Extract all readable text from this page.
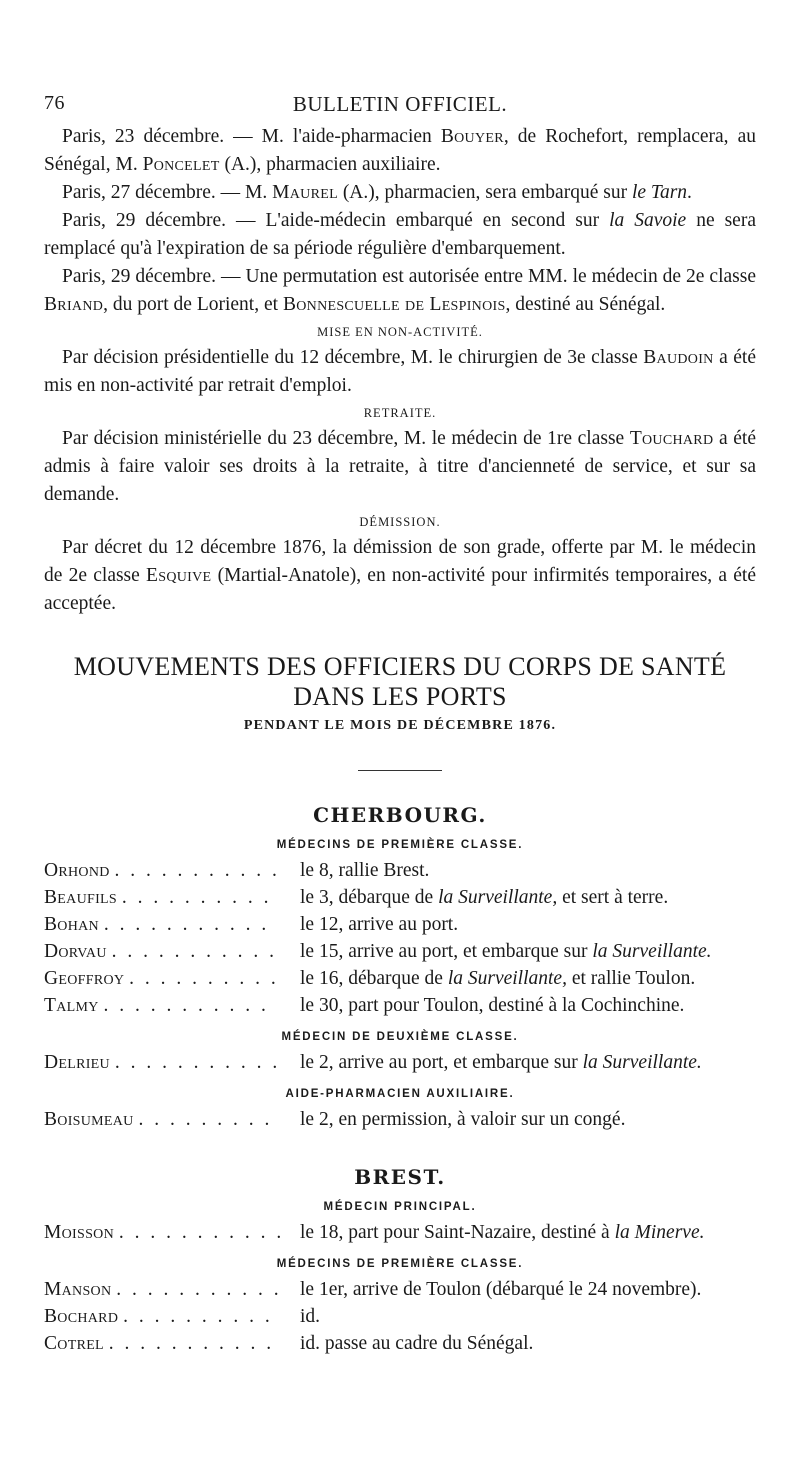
76	BULLETIN OFFICIEL.

Paris, 23 décembre. — M. l'aide-pharmacien Bouyer, de Rochefort, remplacera, au Sénégal, M. Poncelet (A.), pharmacien auxiliaire.

Paris, 27 décembre. — M. Maurel (A.), pharmacien, sera embarqué sur le Tarn.

Paris, 29 décembre. — L'aide-médecin embarqué en second sur la Savoie ne sera remplacé qu'à l'expiration de sa période régulière d'embarquement.

Paris, 29 décembre. — Une permutation est autorisée entre MM. le médecin de 2e classe Briand, du port de Lorient, et Bonnescuelle de Lespinois, destiné au Sénégal.

MISE EN NON-ACTIVITÉ.

Par décision présidentielle du 12 décembre, M. le chirurgien de 3e classe Baudoin a été mis en non-activité par retrait d'emploi.

RETRAITE.

Par décision ministérielle du 23 décembre, M. le médecin de 1re classe Touchard a été admis à faire valoir ses droits à la retraite, à titre d'ancienneté de service, et sur sa demande.

DÉMISSION.

Par décret du 12 décembre 1876, la démission de son grade, offerte par M. le médecin de 2e classe Esquive (Martial-Anatole), en non-activité pour infirmités temporaires, a été acceptée.

MOUVEMENTS DES OFFICIERS DU CORPS DE SANTÉ DANS LES PORTS
PENDANT LE MOIS DE DÉCEMBRE 1876.
CHERBOURG.
MÉDECINS DE PREMIÈRE CLASSE.
Orhond . . . . . . . . . . .	le 8, rallie Brest.
Beaufils . . . . . . . . . .	le 3, débarque de la Surveillante, et sert à terre.
Bohan . . . . . . . . . . .	le 12, arrive au port.
Dorvau . . . . . . . . . . .	le 15, arrive au port, et embarque sur la Surveillante.
Geoffroy . . . . . . . . . .	le 16, débarque de la Surveillante, et rallie Toulon.
Talmy . . . . . . . . . . .	le 30, part pour Toulon, destiné à la Cochinchine.
MÉDECIN DE DEUXIÈME CLASSE.
Delrieu . . . . . . . . . . .	le 2, arrive au port, et embarque sur la Surveillante.
AIDE-PHARMACIEN AUXILIAIRE.
Boisumeau . . . . . . . . .	le 2, en permission, à valoir sur un congé.
BREST.
MÉDECIN PRINCIPAL.
Moisson . . . . . . . . . . . le 18, part pour Saint-Nazaire, destiné à la Minerve.
MÉDECINS DE PREMIÈRE CLASSE.
Manson . . . . . . . . . . . le 1er, arrive de Toulon (débarqué le 24 novembre).
Bochard . . . . . . . . . .	id.
Cotrel . . . . . . . . . . .	id. passe au cadre du Sénégal.
